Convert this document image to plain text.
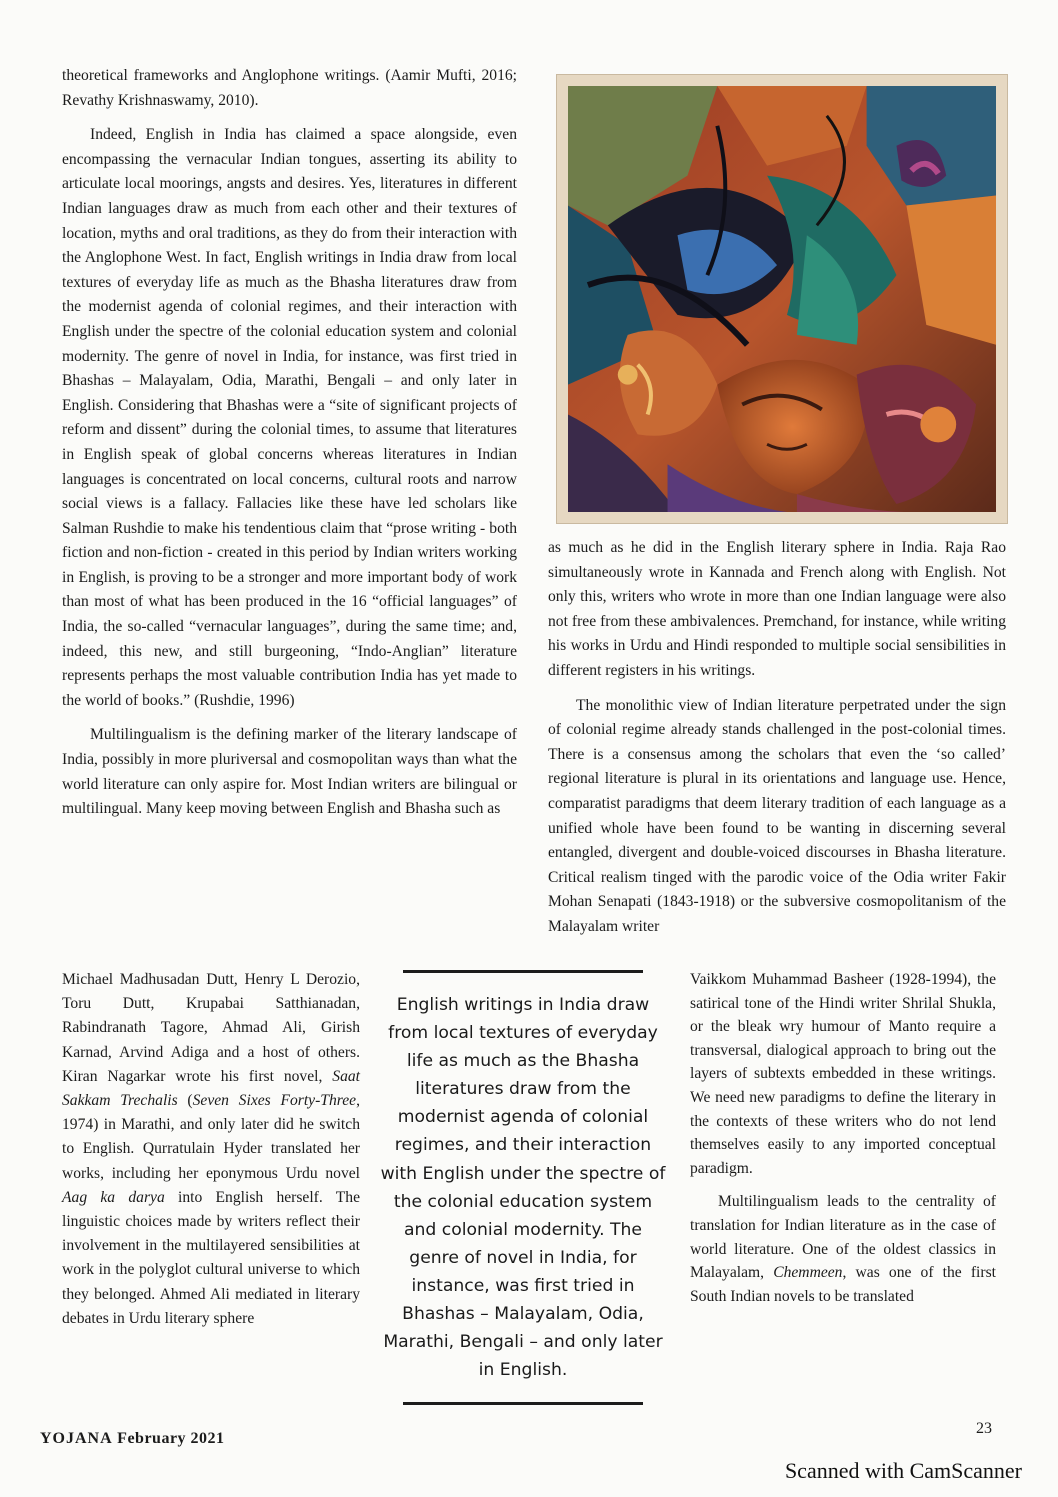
theoretical frameworks and Anglophone writings. (Aamir Mufti, 2016; Revathy Krishnaswamy, 2010).

Indeed, English in India has claimed a space alongside, even encompassing the vernacular Indian tongues, asserting its ability to articulate local moorings, angsts and desires. Yes, literatures in different Indian languages draw as much from each other and their textures of location, myths and oral traditions, as they do from their interaction with the Anglophone West. In fact, English writings in India draw from local textures of everyday life as much as the Bhasha literatures draw from the modernist agenda of colonial regimes, and their interaction with English under the spectre of the colonial education system and colonial modernity. The genre of novel in India, for instance, was first tried in Bhashas – Malayalam, Odia, Marathi, Bengali – and only later in English. Considering that Bhashas were a “site of significant projects of reform and dissent” during the colonial times, to assume that literatures in English speak of global concerns whereas literatures in Indian languages is concentrated on local concerns, cultural roots and narrow social views is a fallacy. Fallacies like these have led scholars like Salman Rushdie to make his tendentious claim that “prose writing - both fiction and non-fiction - created in this period by Indian writers working in English, is proving to be a stronger and more important body of work than most of what has been produced in the 16 “official languages” of India, the so-called “vernacular languages”, during the same time; and, indeed, this new, and still burgeoning, “Indo-Anglian” literature represents perhaps the most valuable contribution India has yet made to the world of books.” (Rushdie, 1996)

Multilingualism is the defining marker of the literary landscape of India, possibly in more pluriversal and cosmopolitan ways than what the world literature can only aspire for. Most Indian writers are bilingual or multilingual. Many keep moving between English and Bhasha such as

Michael Madhusadan Dutt, Henry L Derozio, Toru Dutt, Krupabai Satthianadan, Rabindranath Tagore, Ahmad Ali, Girish Karnad, Arvind Adiga and a host of others. Kiran Nagarkar wrote his first novel, Saat Sakkam Trechalis (Seven Sixes Forty-Three, 1974) in Marathi, and only later did he switch to English. Qurratulain Hyder translated her works, including her eponymous Urdu novel Aag ka darya into English herself. The linguistic choices made by writers reflect their involvement in the multilayered sensibilities at work in the polyglot cultural universe to which they belonged. Ahmed Ali mediated in literary debates in Urdu literary sphere

as much as he did in the English literary sphere in India. Raja Rao simultaneously wrote in Kannada and French along with English. Not only this, writers who wrote in more than one Indian language were also not free from these ambivalences. Premchand, for instance, while writing his works in Urdu and Hindi responded to multiple social sensibilities in different registers in his writings.

The monolithic view of Indian literature perpetrated under the sign of colonial regime already stands challenged in the post-colonial times. There is a consensus among the scholars that even the ‘so called’ regional literature is plural in its orientations and language use. Hence, comparatist paradigms that deem literary tradition of each language as a unified whole have been found to be wanting in discerning several entangled, divergent and double-voiced discourses in Bhasha literature. Critical realism tinged with the parodic voice of the Odia writer Fakir Mohan Senapati (1843-1918) or the subversive cosmopolitanism of the Malayalam writer

English writings in India draw from local textures of everyday life as much as the Bhasha literatures draw from the modernist agenda of colonial regimes, and their interaction with English under the spectre of the colonial education system and colonial modernity. The genre of novel in India, for instance, was first tried in Bhashas – Malayalam, Odia, Marathi, Bengali – and only later in English.

Vaikkom Muhammad Basheer (1928-1994), the satirical tone of the Hindi writer Shrilal Shukla, or the bleak wry humour of Manto require a transversal, dialogical approach to bring out the layers of subtexts embedded in these writings. We need new paradigms to define the literary in the contexts of these writers who do not lend themselves easily to any imported conceptual paradigm.

Multilingualism leads to the centrality of translation for Indian literature as in the case of world literature. One of the oldest classics in Malayalam, Chemmeen, was one of the first South Indian novels to be translated

YOJANA February 2021
23
Scanned with CamScanner
